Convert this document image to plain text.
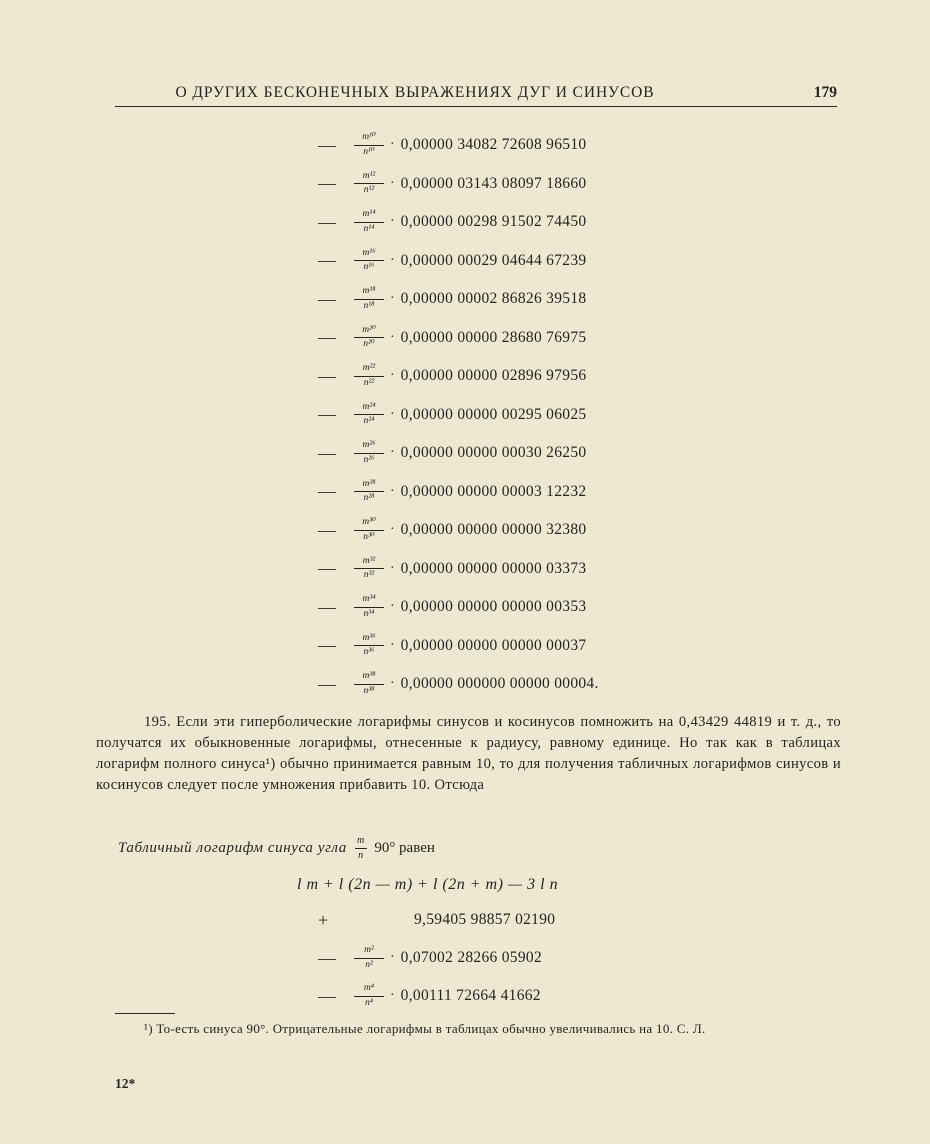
О ДРУГИХ БЕСКОНЕЧНЫХ ВЫРАЖЕНИЯХ ДУГ И СИНУСОВ	179
—	$\frac{\text{m¹⁰}}{\text{n¹⁰}} \cdot 0,00000$ 34082 72608 96510
—	$\frac{\text{m¹²}}{\text{n¹²}} \cdot 0,00000$ 03143 08097 18660
—	$\frac{\text{m¹⁴}}{\text{n¹⁴}} \cdot 0,00000$ 00298 91502 74450
—	$\frac{\text{m¹⁶}}{\text{n¹⁶}} \cdot 0,00000$ 00029 04644 67239
—	$\frac{\text{m¹⁸}}{\text{n¹⁸}} \cdot 0,00000$ 00002 86826 39518
—	$\frac{\text{m²⁰}}{\text{n²⁰}} \cdot 0,00000$ 00000 28680 76975
—	$\frac{\text{m²²}}{\text{n²²}} \cdot 0,00000$ 00000 02896 97956
—	$\frac{\text{m²⁴}}{\text{n²⁴}} \cdot 0,00000$ 00000 00295 06025
—	$\frac{\text{m²⁶}}{\text{n²⁶}} \cdot 0,00000$ 00000 00030 26250
—	$\frac{\text{m²⁸}}{\text{n²⁸}} \cdot 0,00000$ 00000 00003 12232
—	$\frac{\text{m³⁰}}{\text{n³⁰}} \cdot 0,00000$ 00000 00000 32380
—	$\frac{\text{m³²}}{\text{n³²}} \cdot 0,00000$ 00000 00000 03373
—	$\frac{\text{m³⁴}}{\text{n³⁴}} \cdot 0,00000$ 00000 00000 00353
—	$\frac{\text{m³⁶}}{\text{n³⁶}} \cdot 0,00000$ 00000 00000 00037
—	$\frac{\text{m³⁸}}{\text{n³⁸}} \cdot 0,00000$ 000000 00000 00004.

195. Если эти гиперболические логарифмы синусов и косинусов помножить на 0,43429 44819 и т. д., то получатся их обыкновенные логарифмы, отнесенные к радиусу, равному единице. Но так как в таблицах логарифм полного синуса¹) обычно принимается равным 10, то для получения табличных логарифмов синусов и косинусов следует после умножения прибавить 10. Отсюда

Табличный логарифм синуса угла $\frac{m}{n} 90^\circ$ равен
l m + l (2n — m) + l (2n + m) — 3 l n
+	9,59405 98857 02190
—	$\frac{\text{m²}}{\text{n²}} \cdot 0,07002$ 28266 05902
—	$\frac{\text{m⁴}}{\text{n⁴}} \cdot 0,00111$ 72664 41662
¹) То-есть синуса 90°. Отрицательные логарифмы в таблицах обычно увеличивались на 10. С. Л.
12*
